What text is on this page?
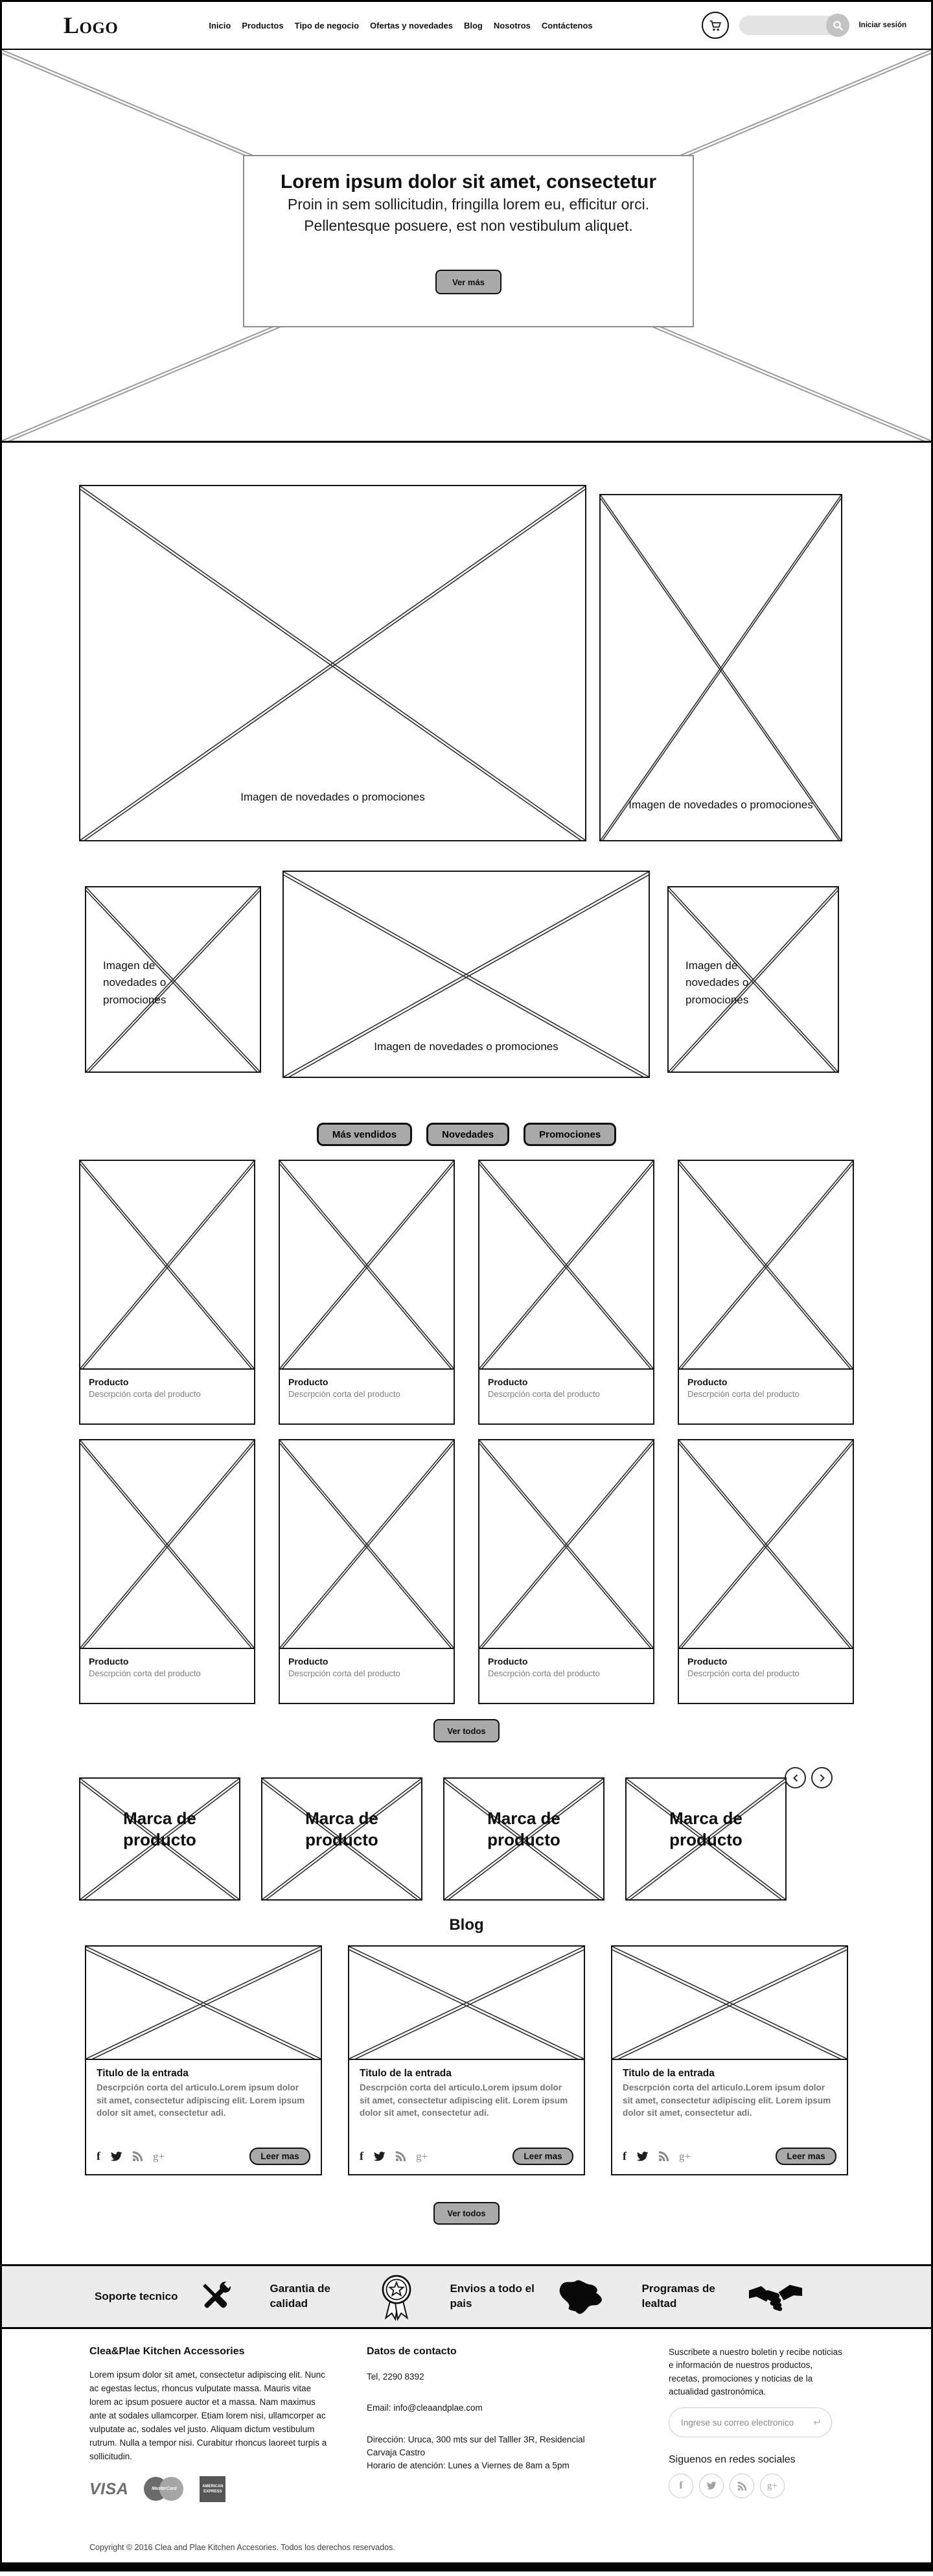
Logo	Inicio Productos Tipo de negocio Ofertas y novedades Blog Nosotros Contáctenos	Iniciar sesión
Lorem ipsum dolor sit amet, consectetur
Proin in sem sollicitudin, fringilla lorem eu, efficitur orci.
Pellentesque posuere, est non vestibulum aliquet.
Ver más
Imagen de novedades o promociones
Imagen de novedades o promociones
Imagen de novedades o promociones
Imagen de novedades o promociones
Imagen de novedades o promociones
Más vendidos	Novedades	Promociones
Producto
Descrpción corta del producto
Producto
Descrpción corta del producto
Producto
Descrpción corta del producto
Producto
Descrpción corta del producto
Producto
Descrpción corta del producto
Producto
Descrpción corta del producto
Producto
Descrpción corta del producto
Producto
Descrpción corta del producto
Ver todos
Marca de producto
Marca de producto
Marca de producto
Marca de producto
Blog
Titulo de la entrada
Descrpción corta del articulo.Lorem ipsum dolor sit amet, consectetur adipiscing elit. Lorem ipsum dolor sit amet, consectetur adi.
f	g+	Leer mas
Titulo de la entrada
Descrpción corta del articulo.Lorem ipsum dolor sit amet, consectetur adipiscing elit. Lorem ipsum dolor sit amet, consectetur adi.
f	g+	Leer mas
Titulo de la entrada
Descrpción corta del articulo.Lorem ipsum dolor sit amet, consectetur adipiscing elit. Lorem ipsum dolor sit amet, consectetur adi.
f	g+	Leer mas
Ver todos
Soporte tecnico
Garantia de calidad
Envios a todo el pais
Programas de lealtad
Clea&Plae Kitchen Accessories

Lorem ipsum dolor sit amet, consectetur adipiscing elit. Nunc ac egestas lectus, rhoncus vulputate massa. Mauris vitae lorem ac ipsum posuere auctor et a massa. Nam maximus ante at sodales ullamcorper. Etiam lorem nisi, ullamcorper ac vulputate ac, sodales vel justo. Aliquam dictum vestibulum rutrum. Nulla a tempor nisi. Curabitur rhoncus laoreet turpis a sollicitudin.

VISA	MasterCard
AMERICAN EXPRESS
Datos de contacto
Tel, 2290 8392
Email: info@cleaandplae.com
Dirección: Uruca, 300 mts sur del Talller 3R, Residencial Carvaja Castro
Horario de atención: Lunes a Viernes de 8am a 5pm
Suscribete a nuestro boletin y recibe noticias e información de nuestros productos, recetas, promociones y noticias de la actualidad gastronómica.
Ingrese su correo electronico
↵
Siguenos en redes sociales
f	g+
Copyright © 2016 Clea and Plae Kitchen Accesories. Todos los derechos reservados.
